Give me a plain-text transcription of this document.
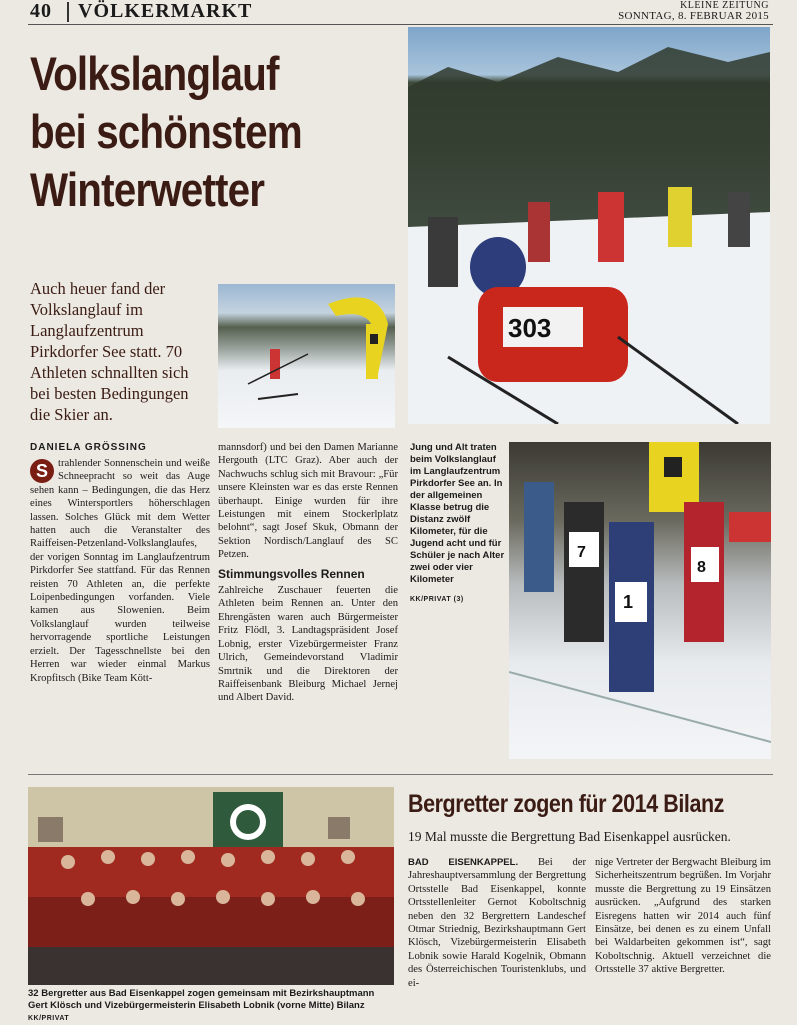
40 VÖLKERMARKT	KLEINE ZEITUNG
SONNTAG, 8. FEBRUAR 2015
Volkslanglauf
bei schönstem
Winterwetter
Auch heuer fand der Volkslanglauf im Langlaufzentrum Pirkdorfer See statt. 70 Athleten schnallten sich bei besten Bedingungen die Skier an.
303
7
1
8
Jung und Alt traten beim Volkslanglauf im Langlaufzentrum Pirkdorfer See an. In der allgemeinen Klasse betrug die Distanz zwölf Kilometer, für die Jugend acht und für Schüler je nach Alter zwei oder vier Kilometer
KK/PRIVAT (3)
DANIELA GRÖSSING
S trahlender Sonnenschein und weiße Schneepracht so weit das Auge sehen kann – Bedingungen, die das Herz eines Wintersportlers höherschlagen lassen. Solches Glück mit dem Wetter hatten auch die Veranstalter des Raiffeisen-Petzenland-Volkslanglaufes, der vorigen Sonntag im Langlaufzentrum Pirkdorfer See stattfand. Für das Rennen reisten 70 Athleten an, die perfekte Loipenbedingungen vorfanden. Viele kamen aus Slowenien. Beim Volkslanglauf wurden teilweise hervorragende sportliche Leistungen erzielt. Der Tagesschnellste bei den Herren war wieder einmal Markus Kropfitsch (Bike Team Kött-
mannsdorf) und bei den Damen Marianne Hergouth (LTC Graz). Aber auch der Nachwuchs schlug sich mit Bravour: „Für unsere Kleinsten war es das erste Rennen überhaupt. Einige wurden für ihre Leistungen mit einem Stockerlplatz belohnt“, sagt Josef Skuk, Obmann der Sektion Nordisch/Langlauf des SC Petzen.
Stimmungsvolles Rennen
Zahlreiche Zuschauer feuerten die Athleten beim Rennen an. Unter den Ehrengästen waren auch Bürgermeister Fritz Flödl, 3. Landtagspräsident Josef Lobnig, erster Vizebürgermeister Franz Ulrich, Gemeindevorstand Vladimir Smrtnik und die Direktoren der Raiffeisenbank Bleiburg Michael Jernej und Albert David.
32 Bergretter aus Bad Eisenkappel zogen gemeinsam mit Bezirkshauptmann Gert Klösch und Vizebürgermeisterin Elisabeth Lobnik (vorne Mitte) Bilanz KK/PRIVAT
Bergretter zogen für 2014 Bilanz
19 Mal musste die Bergrettung Bad Eisenkappel ausrücken.
BAD EISENKAPPEL. Bei der Jahreshauptversammlung der Bergrettung Ortsstelle Bad Eisenkappel, konnte Ortsstellenleiter Gernot Koboltschnig neben den 32 Bergrettern Landeschef Otmar Striednig, Bezirkshauptmann Gert Klösch, Vizebürgermeisterin Elisabeth Lobnik sowie Harald Kogelnik, Obmann des Österreichischen Touristenklubs, und ei-
nige Vertreter der Bergwacht Bleiburg im Sicherheitszentrum begrüßen. Im Vorjahr musste die Bergrettung zu 19 Einsätzen ausrücken. „Aufgrund des starken Eisregens hatten wir 2014 auch fünf Einsätze, bei denen es zu einem Unfall bei Waldarbeiten gekommen ist“, sagt Koboltschnig. Aktuell verzeichnet die Ortsstelle 37 aktive Bergretter.
